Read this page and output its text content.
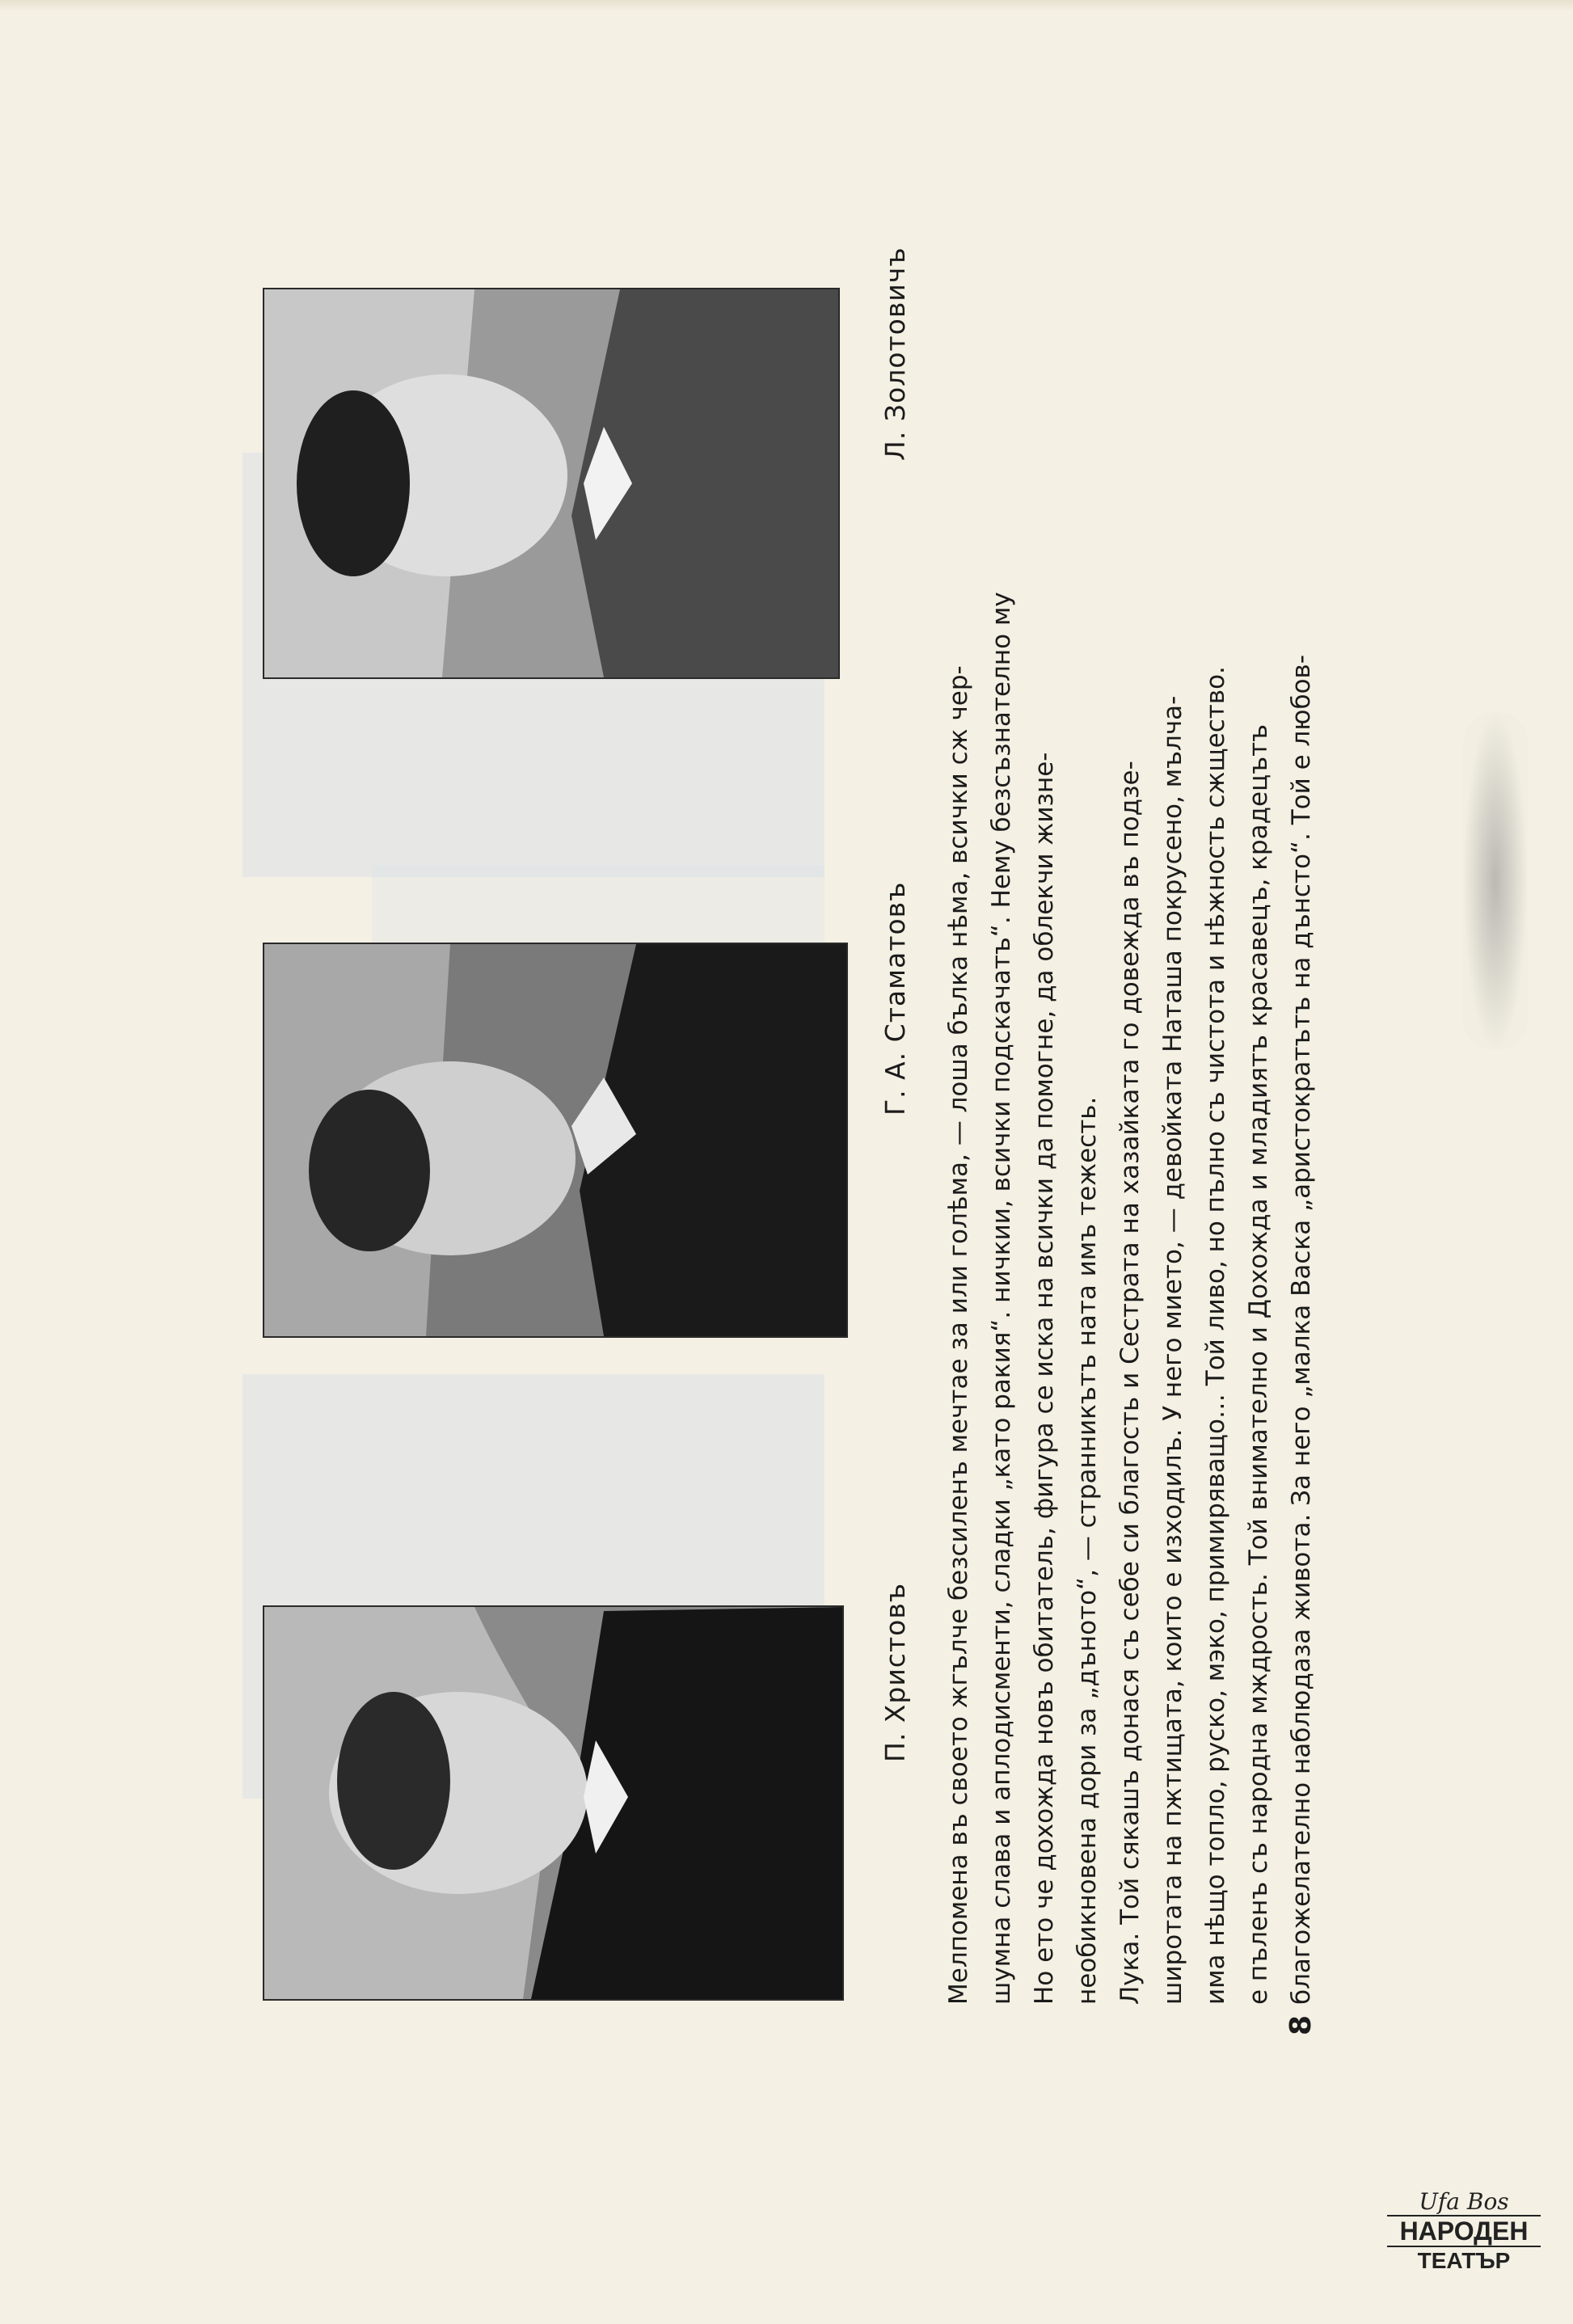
П. Христовъ
Г. А. Стаматовъ
Л. Золотовичъ

Мелпомена въ своето жгълче безсиленъ мечтае за или голѣма, — лоша бълка нѣма, всички сж чер- шумна слава и аплодисменти, сладки „като ракия“. ничкии, всички подскачатъ“. Нему безсъзнателно му Но ето че дохожда новъ обитатель, фигура се иска на всички да помогне, да облекчи жизне- необикновена дори за „дъното“, — странникътъ ната имъ тежесть. Лука. Той сякашъ донася съ себе си благость и Сестрата на хазайката го довежда въ подзе- широтата на пжтищата, които е изходилъ. У него мието, — девойката Наташа покрусено, мълча- има нѣщо топло, руско, мэко, примиряващо… Той ливо, но пълно съ чистота и нѣжность сжщество. е пъленъ съ народна мждрость. Той внимателно и Дохожда и младиятъ красавецъ, крадецътъ благожелателно наблюдаза живота. За него „малка Васка „аристократътъ на дънсто“. Той е любов-

8
Ufa Bos
НАРОДЕН
ТЕАТЪР
